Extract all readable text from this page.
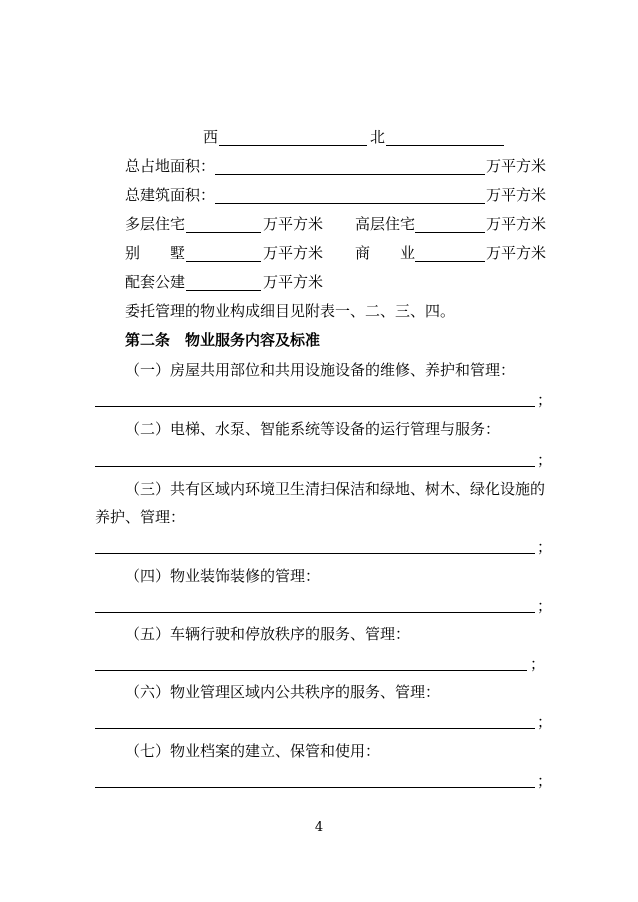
西	北
总占地面积：	万平方米
总建筑面积：	万平方米
多层住宅	万平方米 高层住宅	万平方米
别 墅	万平方米 商 业	万平方米
配套公建	万平方米
委托管理的物业构成细目见附表一、二、三、四。
第二条　物业服务内容及标准
（一）房屋共用部位和共用设施设备的维修、养护和管理：
；
（二）电梯、水泵、智能系统等设备的运行管理与服务：
；
（三）共有区域内环境卫生清扫保洁和绿地、树木、绿化设施的
养护、管理：
；
（四）物业装饰装修的管理：
；
（五）车辆行驶和停放秩序的服务、管理：
；
（六）物业管理区域内公共秩序的服务、管理：
；
（七）物业档案的建立、保管和使用：
；
4
